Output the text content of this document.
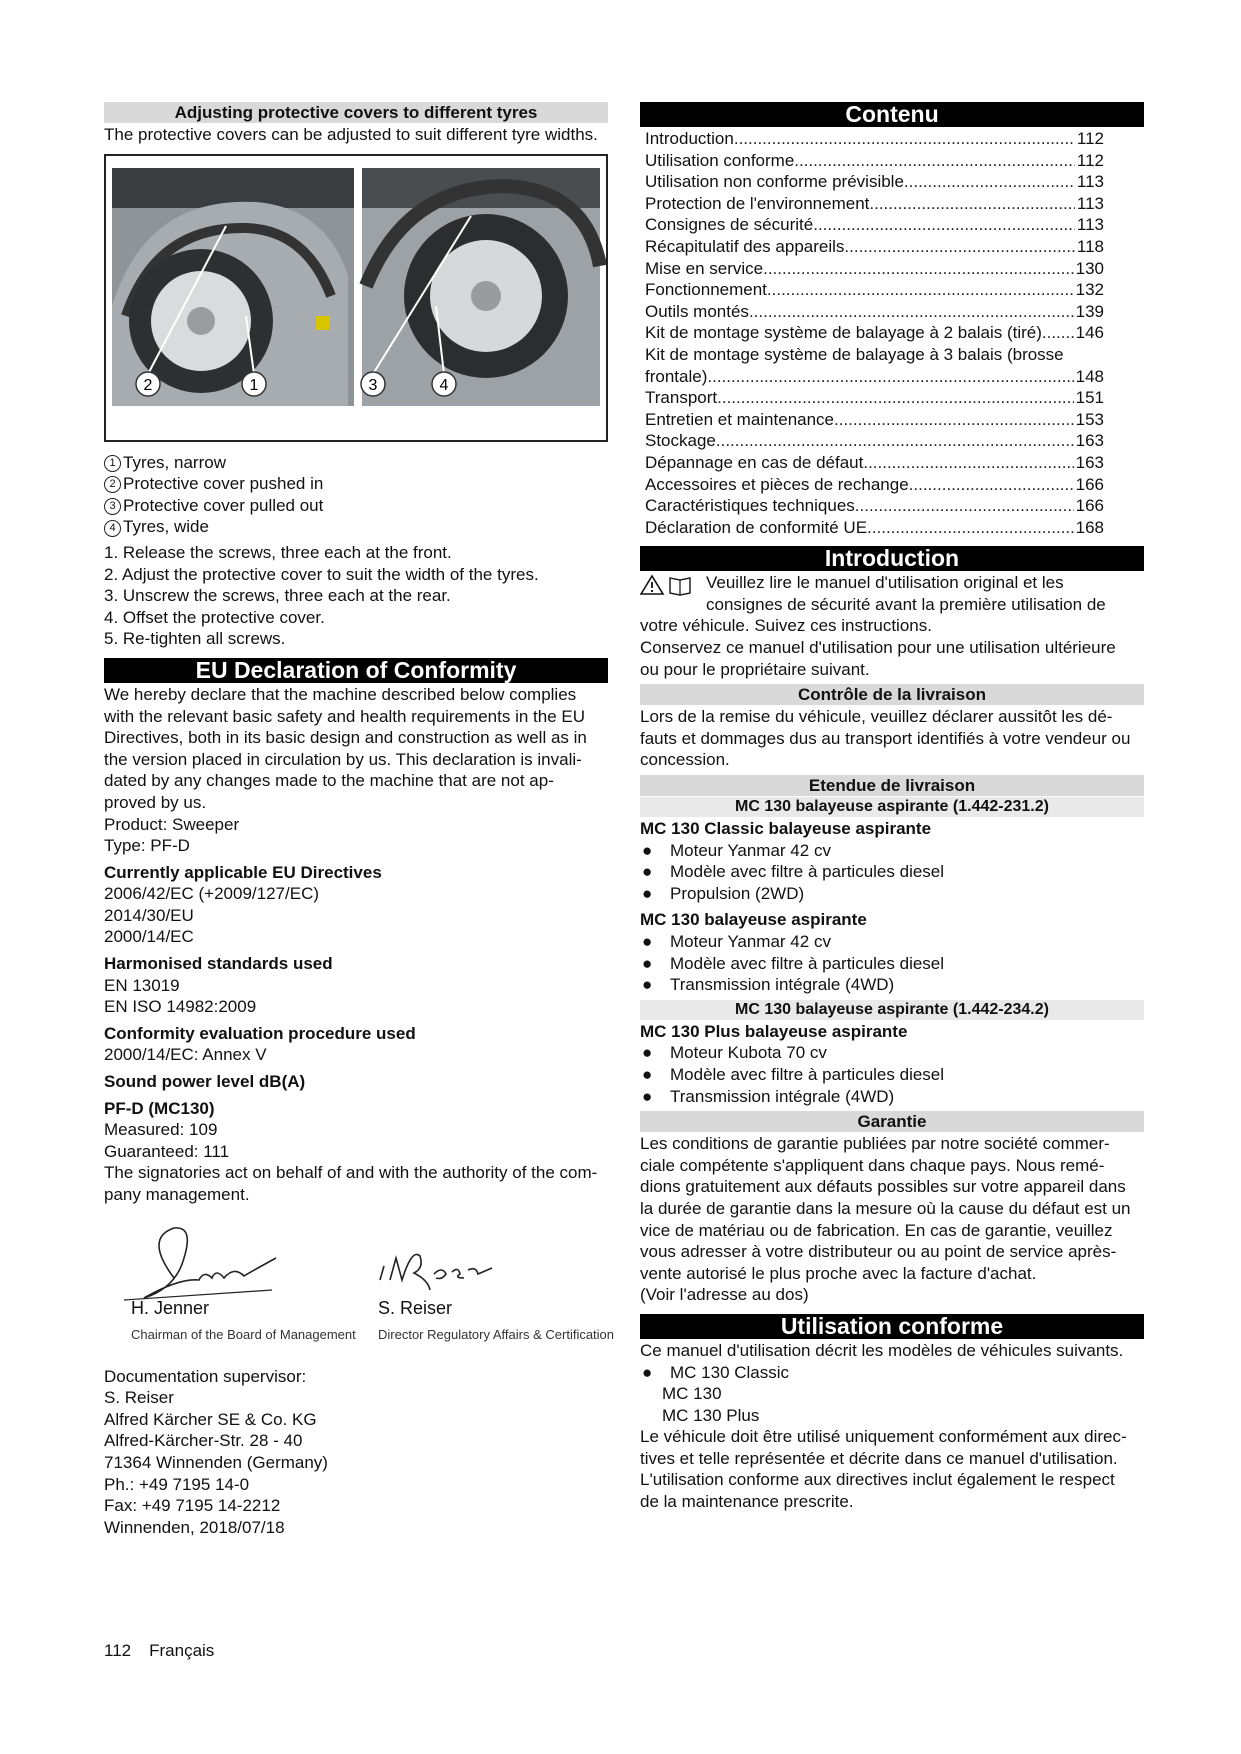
Adjusting protective covers to different tyres

The protective covers can be adjusted to suit different tyre widths.

2	1	3	4
1 Tyres, narrow
2 Protective cover pushed in
3 Protective cover pulled out
4 Tyres, wide

1. Release the screws, three each at the front.

2. Adjust the protective cover to suit the width of the tyres.

3. Unscrew the screws, three each at the rear.

4. Offset the protective cover.

5. Re-tighten all screws.

EU Declaration of Conformity

We hereby declare that the machine described below complies

with the relevant basic safety and health requirements in the EU

Directives, both in its basic design and construction as well as in

the version placed in circulation by us. This declaration is invali-

dated by any changes made to the machine that are not ap-

proved by us.

Product: Sweeper

Type: PF-D

Currently applicable EU Directives

2006/42/EC (+2009/127/EC)

2014/30/EU

2000/14/EC

Harmonised standards used

EN 13019

EN ISO 14982:2009

Conformity evaluation procedure used

2000/14/EC: Annex V

Sound power level dB(A)

PF-D (MC130)

Measured: 109

Guaranteed: 111

The signatories act on behalf of and with the authority of the com-

pany management.

H. Jenner
Chairman of the Board of Management
S. Reiser
Director Regulatory Affairs & Certification

Documentation supervisor:

S. Reiser

Alfred Kärcher SE & Co. KG

Alfred-Kärcher-Str. 28 - 40

71364 Winnenden (Germany)

Ph.: +49 7195 14-0

Fax: +49 7195 14-2212

Winnenden, 2018/07/18

Contenu
Introduction .....	112
Utilisation conforme .....	112
Utilisation non conforme prévisible .....	113
Protection de l'environnement .....	113
Consignes de sécurité .....	113
Récapitulatif des appareils .....	118
Mise en service .....	130
Fonctionnement .....	132
Outils montés .....	139
Kit de montage système de balayage à 2 balais (tiré) ..... 146
Kit de montage système de balayage à 3 balais (brosse
frontale) .....	148
Transport .....	151
Entretien et maintenance .....	153
Stockage .....	163
Dépannage en cas de défaut .....	163
Accessoires et pièces de rechange .....	166
Caractéristiques techniques .....	166
Déclaration de conformité UE .....	168
Introduction

Veuillez lire le manuel d'utilisation original et les

consignes de sécurité avant la première utilisation de

votre véhicule. Suivez ces instructions.

Conservez ce manuel d'utilisation pour une utilisation ultérieure

ou pour le propriétaire suivant.

Contrôle de la livraison

Lors de la remise du véhicule, veuillez déclarer aussitôt les dé-

fauts et dommages dus au transport identifiés à votre vendeur ou

concession.

Etendue de livraison
MC 130 balayeuse aspirante (1.442-231.2)

MC 130 Classic balayeuse aspirante

●	Moteur Yanmar 42 cv
●	Modèle avec filtre à particules diesel
●	Propulsion (2WD)

MC 130 balayeuse aspirante

●	Moteur Yanmar 42 cv
●	Modèle avec filtre à particules diesel
●	Transmission intégrale (4WD)
MC 130 balayeuse aspirante (1.442-234.2)

MC 130 Plus balayeuse aspirante

●	Moteur Kubota 70 cv
●	Modèle avec filtre à particules diesel
●	Transmission intégrale (4WD)
Garantie

Les conditions de garantie publiées par notre société commer-

ciale compétente s'appliquent dans chaque pays. Nous remé-

dions gratuitement aux défauts possibles sur votre appareil dans

la durée de garantie dans la mesure où la cause du défaut est un

vice de matériau ou de fabrication. En cas de garantie, veuillez

vous adresser à votre distributeur ou au point de service après-

vente autorisé le plus proche avec la facture d'achat.

(Voir l'adresse au dos)

Utilisation conforme

Ce manuel d'utilisation décrit les modèles de véhicules suivants.

●	MC 130 Classic

MC 130

MC 130 Plus

Le véhicule doit être utilisé uniquement conformément aux direc-

tives et telle représentée et décrite dans ce manuel d'utilisation.

L'utilisation conforme aux directives inclut également le respect

de la maintenance prescrite.

112 Français
